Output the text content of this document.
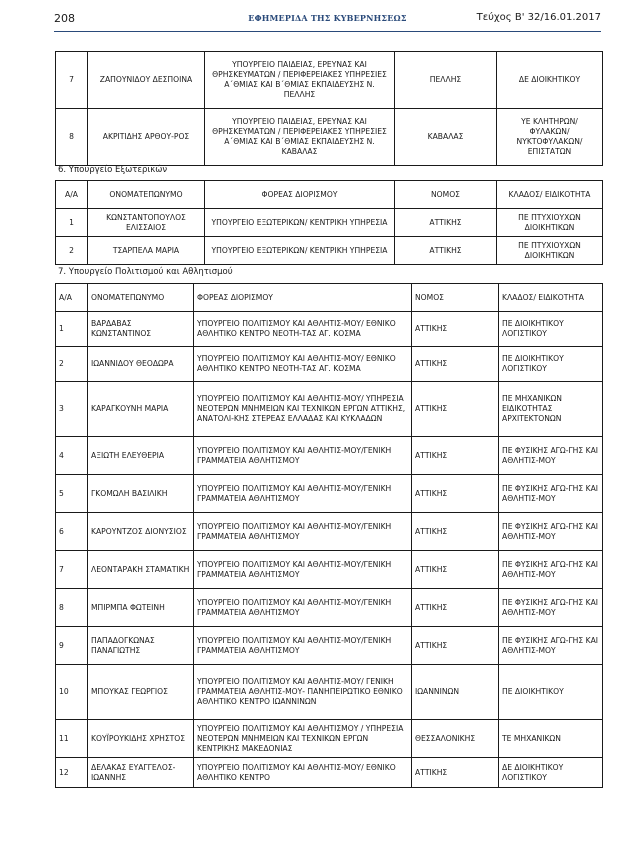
208	ΕΦΗΜΕΡΙΔΑ ΤΗΣ ΚΥΒΕΡΝΗΣΕΩΣ	Τεύχος Β' 32/16.01.2017
7	ΖΑΠΟΥΝΙΔΟΥ ΔΕΣΠΟΙΝΑ	ΥΠΟΥΡΓΕΙΟ ΠΑΙΔΕΙΑΣ, ΕΡΕΥΝΑΣ ΚΑΙ ΘΡΗΣΚΕΥΜΑΤΩΝ / ΠΕΡΙΦΕΡΕΙΑΚΕΣ ΥΠΗΡΕΣΙΕΣ Α΄ΘΜΙΑΣ ΚΑΙ Β΄ΘΜΙΑΣ ΕΚΠΑΙΔΕΥΣΗΣ Ν. ΠΕΛΛΗΣ	ΠΕΛΛΗΣ	ΔΕ ΔΙΟΙΚΗΤΙΚΟΥ
8	ΑΚΡΙΤΙΔΗΣ ΑΡΘΟΥ-ΡΟΣ	ΥΠΟΥΡΓΕΙΟ ΠΑΙΔΕΙΑΣ, ΕΡΕΥΝΑΣ ΚΑΙ ΘΡΗΣΚΕΥΜΑΤΩΝ / ΠΕΡΙΦΕΡΕΙΑΚΕΣ ΥΠΗΡΕΣΙΕΣ Α΄ΘΜΙΑΣ ΚΑΙ Β΄ΘΜΙΑΣ ΕΚΠΑΙΔΕΥΣΗΣ Ν. ΚΑΒΑΛΑΣ	ΚΑΒΑΛΑΣ	ΥΕ ΚΛΗΤΗΡΩΝ/ ΦΥΛΑΚΩΝ/ ΝΥΚΤΟΦΥΛΑΚΩΝ/ ΕΠΙΣΤΑΤΩΝ
6. Υπουργείο Εξωτερικών
Α/Α	ΟΝΟΜΑΤΕΠΩΝΥΜΟ	ΦΟΡΕΑΣ ΔΙΟΡΙΣΜΟΥ	ΝΟΜΟΣ	ΚΛΑΔΟΣ/ ΕΙΔΙΚΟΤΗΤΑ
1	ΚΩΝΣΤΑΝΤΟΠΟΥΛΟΣ ΕΛΙΣΣΑΙΟΣ	ΥΠΟΥΡΓΕΙΟ ΕΞΩΤΕΡΙΚΩΝ/ ΚΕΝΤΡΙΚΗ ΥΠΗΡΕΣΙΑ	ΑΤΤΙΚΗΣ	ΠΕ ΠΤΥΧΙΟΥΧΩΝ ΔΙΟΙΚΗΤΙΚΩΝ
2	ΤΣΑΡΠΕΛΑ ΜΑΡΙΑ	ΥΠΟΥΡΓΕΙΟ ΕΞΩΤΕΡΙΚΩΝ/ ΚΕΝΤΡΙΚΗ ΥΠΗΡΕΣΙΑ	ΑΤΤΙΚΗΣ	ΠΕ ΠΤΥΧΙΟΥΧΩΝ ΔΙΟΙΚΗΤΙΚΩΝ
7. Υπουργείο Πολιτισμού και Αθλητισμού
Α/Α	ΟΝΟΜΑΤΕΠΩΝΥΜΟ	ΦΟΡΕΑΣ ΔΙΟΡΙΣΜΟΥ	ΝΟΜΟΣ	ΚΛΑΔΟΣ/ ΕΙΔΙΚΟΤΗΤΑ
1	ΒΑΡΔΑΒΑΣ ΚΩΝΣΤΑΝΤΙΝΟΣ	ΥΠΟΥΡΓΕΙΟ ΠΟΛΙΤΙΣΜΟΥ ΚΑΙ ΑΘΛΗΤΙΣ-ΜΟΥ/ ΕΘΝΙΚΟ ΑΘΛΗΤΙΚΟ ΚΕΝΤΡΟ ΝΕΟΤΗ-ΤΑΣ ΑΓ. ΚΟΣΜΑ	ΑΤΤΙΚΗΣ	ΠΕ ΔΙΟΙΚΗΤΙΚΟΥ ΛΟΓΙΣΤΙΚΟΥ
2	ΙΩΑΝΝΙΔΟΥ ΘΕΟΔΩΡΑ	ΥΠΟΥΡΓΕΙΟ ΠΟΛΙΤΙΣΜΟΥ ΚΑΙ ΑΘΛΗΤΙΣ-ΜΟΥ/ ΕΘΝΙΚΟ ΑΘΛΗΤΙΚΟ ΚΕΝΤΡΟ ΝΕΟΤΗ-ΤΑΣ ΑΓ. ΚΟΣΜΑ	ΑΤΤΙΚΗΣ	ΠΕ ΔΙΟΙΚΗΤΙΚΟΥ ΛΟΓΙΣΤΙΚΟΥ
3	ΚΑΡΑΓΚΟΥΝΗ ΜΑΡΙΑ	ΥΠΟΥΡΓΕΙΟ ΠΟΛΙΤΙΣΜΟΥ ΚΑΙ ΑΘΛΗΤΙΣ-ΜΟΥ/ ΥΠΗΡΕΣΙΑ ΝΕΟΤΕΡΩΝ ΜΝΗΜΕΙΩΝ ΚΑΙ ΤΕΧΝΙΚΩΝ ΕΡΓΩΝ ΑΤΤΙΚΗΣ, ΑΝΑΤΟΛΙ-ΚΗΣ ΣΤΕΡΕΑΣ ΕΛΛΑΔΑΣ ΚΑΙ ΚΥΚΛΑΔΩΝ	ΑΤΤΙΚΗΣ	ΠΕ ΜΗΧΑΝΙΚΩΝ ΕΙΔΙΚΟΤΗΤΑΣ ΑΡΧΙΤΕΚΤΟΝΩΝ
4	ΑΞΙΩΤΗ ΕΛΕΥΘΕΡΙΑ	ΥΠΟΥΡΓΕΙΟ ΠΟΛΙΤΙΣΜΟΥ ΚΑΙ ΑΘΛΗΤΙΣ-ΜΟΥ/ΓΕΝΙΚΗ ΓΡΑΜΜΑΤΕΙΑ ΑΘΛΗΤΙΣΜΟΥ	ΑΤΤΙΚΗΣ	ΠΕ ΦΥΣΙΚΗΣ ΑΓΩ-ΓΗΣ ΚΑΙ ΑΘΛΗΤΙΣ-ΜΟΥ
5	ΓΚΟΜΩΛΗ ΒΑΣΙΛΙΚΗ	ΥΠΟΥΡΓΕΙΟ ΠΟΛΙΤΙΣΜΟΥ ΚΑΙ ΑΘΛΗΤΙΣ-ΜΟΥ/ΓΕΝΙΚΗ ΓΡΑΜΜΑΤΕΙΑ ΑΘΛΗΤΙΣΜΟΥ	ΑΤΤΙΚΗΣ	ΠΕ ΦΥΣΙΚΗΣ ΑΓΩ-ΓΗΣ ΚΑΙ ΑΘΛΗΤΙΣ-ΜΟΥ
6	ΚΑΡΟΥΝΤΖΟΣ ΔΙΟΝΥΣΙΟΣ	ΥΠΟΥΡΓΕΙΟ ΠΟΛΙΤΙΣΜΟΥ ΚΑΙ ΑΘΛΗΤΙΣ-ΜΟΥ/ΓΕΝΙΚΗ ΓΡΑΜΜΑΤΕΙΑ ΑΘΛΗΤΙΣΜΟΥ	ΑΤΤΙΚΗΣ	ΠΕ ΦΥΣΙΚΗΣ ΑΓΩ-ΓΗΣ ΚΑΙ ΑΘΛΗΤΙΣ-ΜΟΥ
7	ΛΕΟΝΤΑΡΑΚΗ ΣΤΑΜΑΤΙΚΗ	ΥΠΟΥΡΓΕΙΟ ΠΟΛΙΤΙΣΜΟΥ ΚΑΙ ΑΘΛΗΤΙΣ-ΜΟΥ/ΓΕΝΙΚΗ ΓΡΑΜΜΑΤΕΙΑ ΑΘΛΗΤΙΣΜΟΥ	ΑΤΤΙΚΗΣ	ΠΕ ΦΥΣΙΚΗΣ ΑΓΩ-ΓΗΣ ΚΑΙ ΑΘΛΗΤΙΣ-ΜΟΥ
8	ΜΠΙΡΜΠΑ ΦΩΤΕΙΝΗ	ΥΠΟΥΡΓΕΙΟ ΠΟΛΙΤΙΣΜΟΥ ΚΑΙ ΑΘΛΗΤΙΣ-ΜΟΥ/ΓΕΝΙΚΗ ΓΡΑΜΜΑΤΕΙΑ ΑΘΛΗΤΙΣΜΟΥ	ΑΤΤΙΚΗΣ	ΠΕ ΦΥΣΙΚΗΣ ΑΓΩ-ΓΗΣ ΚΑΙ ΑΘΛΗΤΙΣ-ΜΟΥ
9	ΠΑΠΑΔΟΓΚΩΝΑΣ ΠΑΝΑΓΙΩΤΗΣ	ΥΠΟΥΡΓΕΙΟ ΠΟΛΙΤΙΣΜΟΥ ΚΑΙ ΑΘΛΗΤΙΣ-ΜΟΥ/ΓΕΝΙΚΗ ΓΡΑΜΜΑΤΕΙΑ ΑΘΛΗΤΙΣΜΟΥ	ΑΤΤΙΚΗΣ	ΠΕ ΦΥΣΙΚΗΣ ΑΓΩ-ΓΗΣ ΚΑΙ ΑΘΛΗΤΙΣ-ΜΟΥ
10	ΜΠΟΥΚΑΣ ΓΕΩΡΓΙΟΣ	ΥΠΟΥΡΓΕΙΟ ΠΟΛΙΤΙΣΜΟΥ ΚΑΙ ΑΘΛΗΤΙΣ-ΜΟΥ/ ΓΕΝΙΚΗ ΓΡΑΜΜΑΤΕΙΑ ΑΘΛΗΤΙΣ-ΜΟΥ- ΠΑΝΗΠΕΙΡΩΤΙΚΟ ΕΘΝΙΚΟ ΑΘΛΗΤΙΚΟ ΚΕΝΤΡΟ ΙΩΑΝΝΙΝΩΝ	ΙΩΑΝΝΙΝΩΝ	ΠΕ ΔΙΟΙΚΗΤΙΚΟΥ
11	ΚΟΥΪΡΟΥΚΙΔΗΣ ΧΡΗΣΤΟΣ	ΥΠΟΥΡΓΕΙΟ ΠΟΛΙΤΙΣΜΟΥ ΚΑΙ ΑΘΛΗΤΙΣΜΟΥ / ΥΠΗΡΕΣΙΑ ΝΕΟΤΕΡΩΝ ΜΝΗΜΕΙΩΝ ΚΑΙ ΤΕΧΝΙΚΩΝ ΕΡΓΩΝ ΚΕΝΤΡΙΚΗΣ ΜΑΚΕΔΟΝΙΑΣ	ΘΕΣΣΑΛΟΝΙΚΗΣ	ΤΕ ΜΗΧΑΝΙΚΩΝ
12	ΔΕΛΑΚΑΣ ΕΥΑΓΓΕΛΟΣ-ΙΩΑΝΝΗΣ	ΥΠΟΥΡΓΕΙΟ ΠΟΛΙΤΙΣΜΟΥ ΚΑΙ ΑΘΛΗΤΙΣ-ΜΟΥ/ ΕΘΝΙΚΟ ΑΘΛΗΤΙΚΟ ΚΕΝΤΡΟ	ΑΤΤΙΚΗΣ	ΔΕ ΔΙΟΙΚΗΤΙΚΟΥ ΛΟΓΙΣΤΙΚΟΥ
